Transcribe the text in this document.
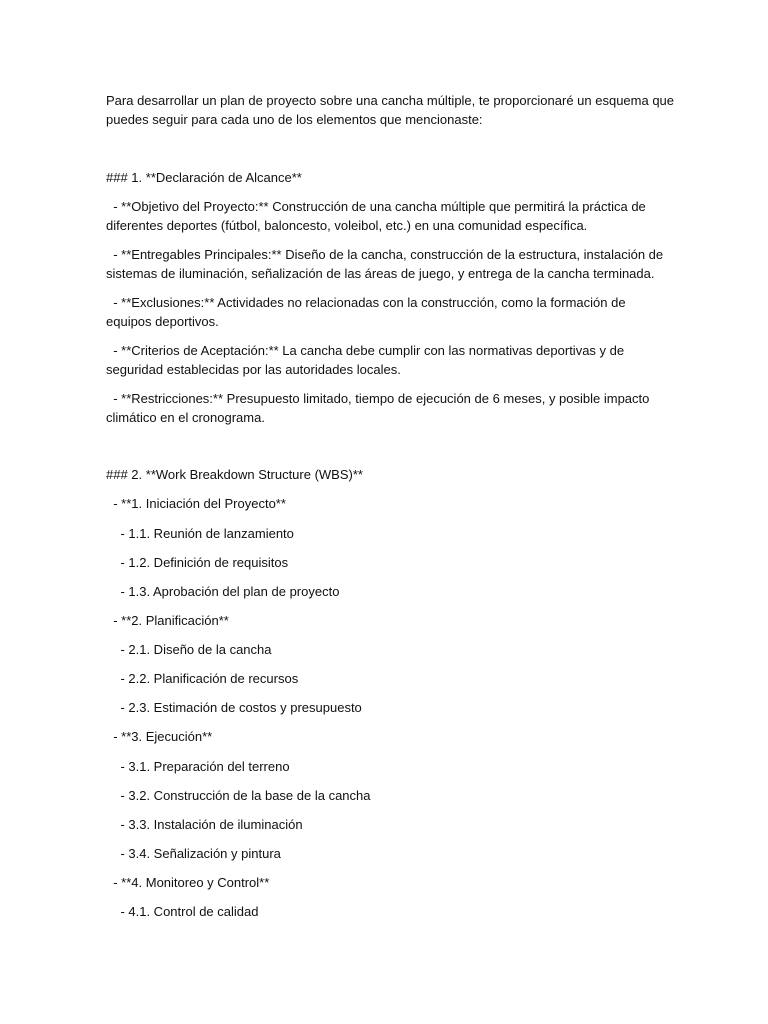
Para desarrollar un plan de proyecto sobre una cancha múltiple, te proporcionaré un esquema que

puedes seguir para cada uno de los elementos que mencionaste:

### 1. **Declaración de Alcance**

- **Objetivo del Proyecto:** Construcción de una cancha múltiple que permitirá la práctica de

diferentes deportes (fútbol, baloncesto, voleibol, etc.) en una comunidad específica.

- **Entregables Principales:** Diseño de la cancha, construcción de la estructura, instalación de

sistemas de iluminación, señalización de las áreas de juego, y entrega de la cancha terminada.

- **Exclusiones:** Actividades no relacionadas con la construcción, como la formación de

equipos deportivos.

- **Criterios de Aceptación:** La cancha debe cumplir con las normativas deportivas y de

seguridad establecidas por las autoridades locales.

- **Restricciones:** Presupuesto limitado, tiempo de ejecución de 6 meses, y posible impacto

climático en el cronograma.

### 2. **Work Breakdown Structure (WBS)**

- **1. Iniciación del Proyecto**

- 1.1. Reunión de lanzamiento

- 1.2. Definición de requisitos

- 1.3. Aprobación del plan de proyecto

- **2. Planificación**

- 2.1. Diseño de la cancha

- 2.2. Planificación de recursos

- 2.3. Estimación de costos y presupuesto

- **3. Ejecución**

- 3.1. Preparación del terreno

- 3.2. Construcción de la base de la cancha

- 3.3. Instalación de iluminación

- 3.4. Señalización y pintura

- **4. Monitoreo y Control**

- 4.1. Control de calidad
